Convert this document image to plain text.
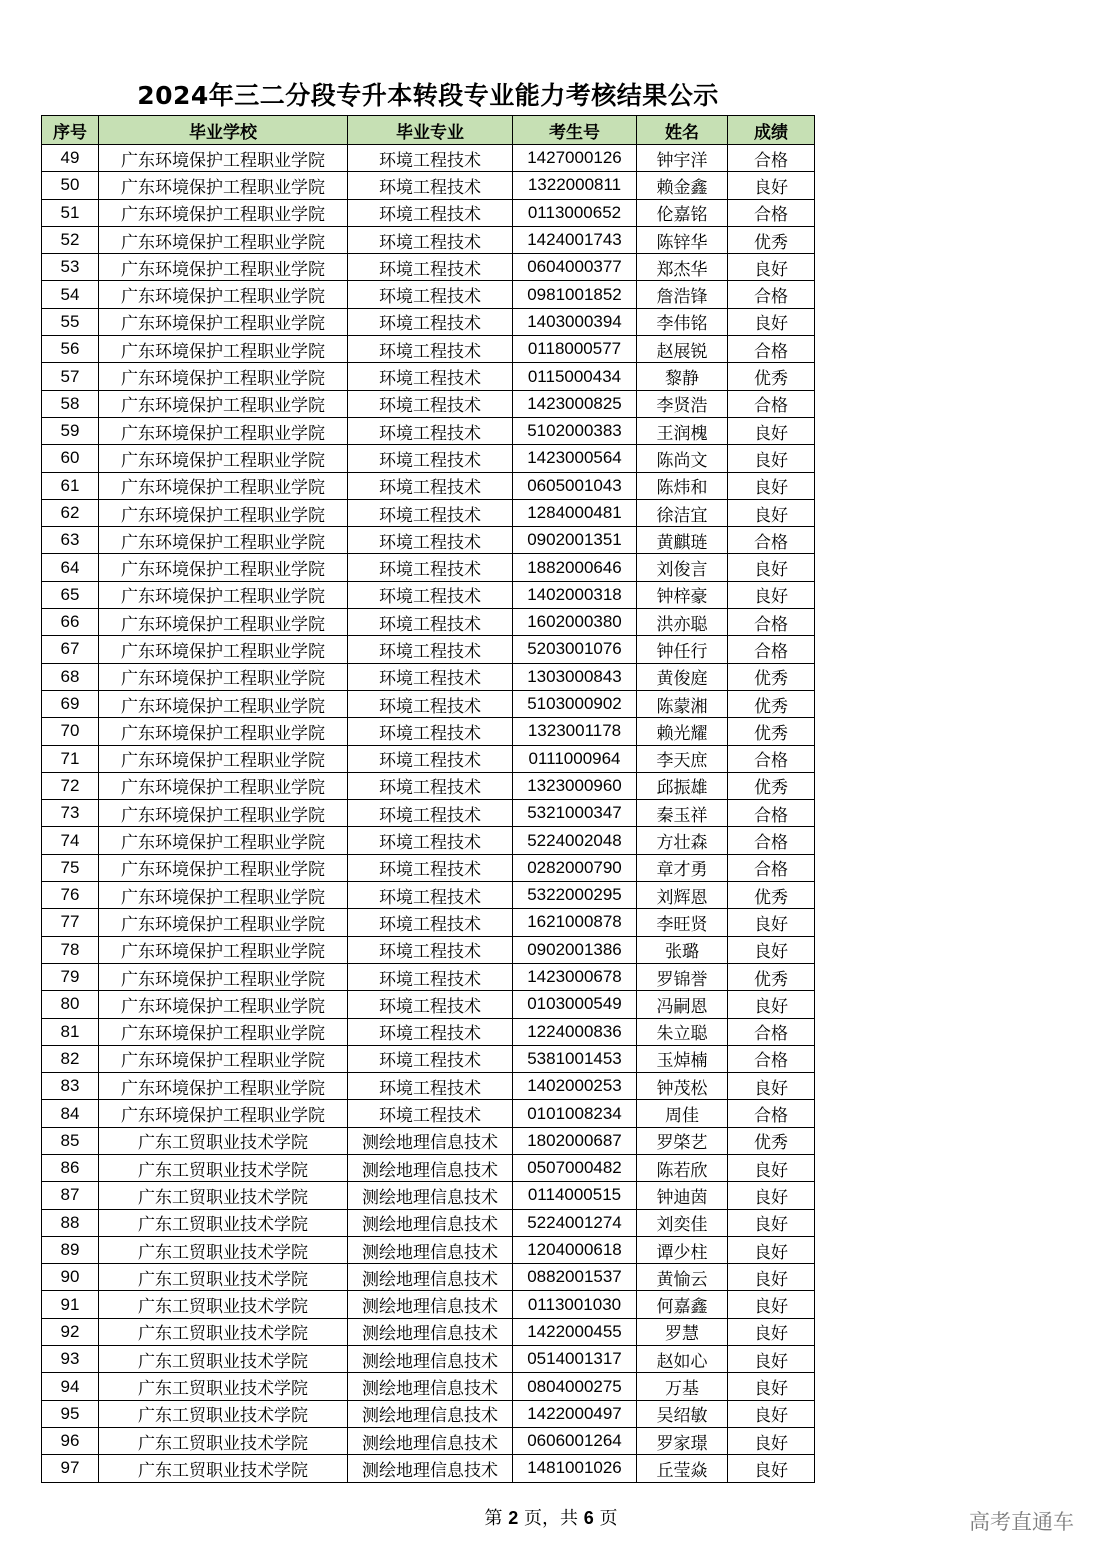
2024年三二分段专升本转段专业能力考核结果公示
序号	毕业学校	毕业专业	考生号	姓名	成绩
49	广东环境保护工程职业学院	环境工程技术	1427000126	钟宇洋	合格
50	广东环境保护工程职业学院	环境工程技术	1322000811	赖金鑫	良好
51	广东环境保护工程职业学院	环境工程技术	0113000652	伦嘉铭	合格
52	广东环境保护工程职业学院	环境工程技术	1424001743	陈锌华	优秀
53	广东环境保护工程职业学院	环境工程技术	0604000377	郑杰华	良好
54	广东环境保护工程职业学院	环境工程技术	0981001852	詹浩锋	合格
55	广东环境保护工程职业学院	环境工程技术	1403000394	李伟铭	良好
56	广东环境保护工程职业学院	环境工程技术	0118000577	赵展锐	合格
57	广东环境保护工程职业学院	环境工程技术	0115000434	黎静	优秀
58	广东环境保护工程职业学院	环境工程技术	1423000825	李贤浩	合格
59	广东环境保护工程职业学院	环境工程技术	5102000383	王润槐	良好
60	广东环境保护工程职业学院	环境工程技术	1423000564	陈尚文	良好
61	广东环境保护工程职业学院	环境工程技术	0605001043	陈炜和	良好
62	广东环境保护工程职业学院	环境工程技术	1284000481	徐洁宜	良好
63	广东环境保护工程职业学院	环境工程技术	0902001351	黄麒琏	合格
64	广东环境保护工程职业学院	环境工程技术	1882000646	刘俊言	良好
65	广东环境保护工程职业学院	环境工程技术	1402000318	钟梓豪	良好
66	广东环境保护工程职业学院	环境工程技术	1602000380	洪亦聪	合格
67	广东环境保护工程职业学院	环境工程技术	5203001076	钟任行	合格
68	广东环境保护工程职业学院	环境工程技术	1303000843	黄俊庭	优秀
69	广东环境保护工程职业学院	环境工程技术	5103000902	陈蒙湘	优秀
70	广东环境保护工程职业学院	环境工程技术	1323001178	赖光耀	优秀
71	广东环境保护工程职业学院	环境工程技术	0111000964	李天庶	合格
72	广东环境保护工程职业学院	环境工程技术	1323000960	邱振雄	优秀
73	广东环境保护工程职业学院	环境工程技术	5321000347	秦玉祥	合格
74	广东环境保护工程职业学院	环境工程技术	5224002048	方壮森	合格
75	广东环境保护工程职业学院	环境工程技术	0282000790	章才勇	合格
76	广东环境保护工程职业学院	环境工程技术	5322000295	刘辉恩	优秀
77	广东环境保护工程职业学院	环境工程技术	1621000878	李旺贤	良好
78	广东环境保护工程职业学院	环境工程技术	0902001386	张璐	良好
79	广东环境保护工程职业学院	环境工程技术	1423000678	罗锦誉	优秀
80	广东环境保护工程职业学院	环境工程技术	0103000549	冯嗣恩	良好
81	广东环境保护工程职业学院	环境工程技术	1224000836	朱立聪	合格
82	广东环境保护工程职业学院	环境工程技术	5381001453	玉焯楠	合格
83	广东环境保护工程职业学院	环境工程技术	1402000253	钟茂松	良好
84	广东环境保护工程职业学院	环境工程技术	0101008234	周佳	合格
85	广东工贸职业技术学院	测绘地理信息技术	1802000687	罗棨艺	优秀
86	广东工贸职业技术学院	测绘地理信息技术	0507000482	陈若欣	良好
87	广东工贸职业技术学院	测绘地理信息技术	0114000515	钟迪茵	良好
88	广东工贸职业技术学院	测绘地理信息技术	5224001274	刘奕佳	良好
89	广东工贸职业技术学院	测绘地理信息技术	1204000618	谭少柱	良好
90	广东工贸职业技术学院	测绘地理信息技术	0882001537	黄愉云	良好
91	广东工贸职业技术学院	测绘地理信息技术	0113001030	何嘉鑫	良好
92	广东工贸职业技术学院	测绘地理信息技术	1422000455	罗慧	良好
93	广东工贸职业技术学院	测绘地理信息技术	0514001317	赵如心	良好
94	广东工贸职业技术学院	测绘地理信息技术	0804000275	万基	良好
95	广东工贸职业技术学院	测绘地理信息技术	1422000497	吴绍敏	良好
96	广东工贸职业技术学院	测绘地理信息技术	0606001264	罗家璟	良好
97	广东工贸职业技术学院	测绘地理信息技术	1481001026	丘莹焱	良好
第 2 页，共 6 页	高考直通车
